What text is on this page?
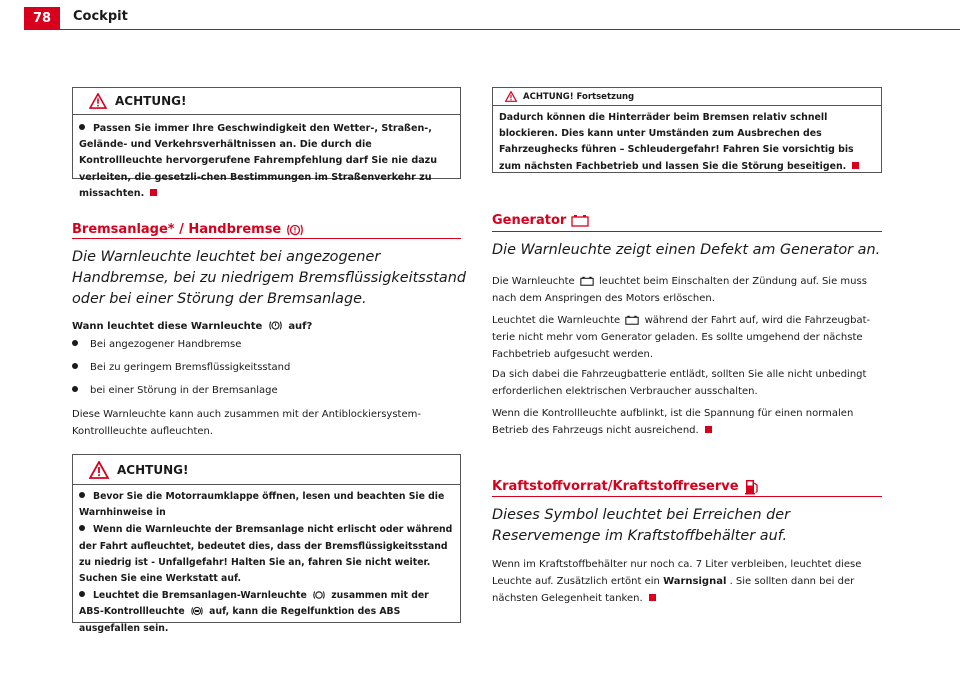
78	Cockpit
ACHTUNG!

Passen Sie immer Ihre Geschwindigkeit den Wetter-, Straßen-, Gelände- und Verkehrsverhältnissen an. Die durch die Kontrollleuchte hervorgerufene Fahrempfehlung darf Sie nie dazu verleiten, die gesetzli-chen Bestimmungen im Straßenverkehr zu missachten.

Bremsanlage* / Handbremse
Die Warnleuchte leuchtet bei angezogener Handbremse, bei zu niedrigem Bremsflüssigkeitsstand oder bei einer Störung der Bremsanlage.
Wann leuchtet diese Warnleuchte	auf?
Bei angezogener Handbremse
Bei zu geringem Bremsflüssigkeitsstand
bei einer Störung in der Bremsanlage
Diese Warnleuchte kann auch zusammen mit der Antiblockiersystem-Kontrollleuchte aufleuchten.
ACHTUNG!

Bevor Sie die Motorraumklappe öffnen, lesen und beachten Sie die Warnhinweise in

Wenn die Warnleuchte der Bremsanlage nicht erlischt oder während der Fahrt aufleuchtet, bedeutet dies, dass der Bremsflüssigkeitsstand zu niedrig ist - Unfallgefahr! Halten Sie an, fahren Sie nicht weiter. Suchen Sie eine Werkstatt auf.

Leuchtet die Bremsanlagen-Warnleuchte	zusammen mit der ABS-Kontrollleuchte	auf, kann die Regelfunktion des ABS ausgefallen sein.

ACHTUNG! Fortsetzung

Dadurch können die Hinterräder beim Bremsen relativ schnell blockieren. Dies kann unter Umständen zum Ausbrechen des Fahrzeughecks führen – Schleudergefahr! Fahren Sie vorsichtig bis zum nächsten Fachbetrieb und lassen Sie die Störung beseitigen.

Generator
Die Warnleuchte zeigt einen Defekt am Generator an.
Die Warnleuchte leuchtet beim Einschalten der Zündung auf. Sie muss nach dem Anspringen des Motors erlöschen.
Leuchtet die Warnleuchte während der Fahrt auf, wird die Fahrzeugbat-terie nicht mehr vom Generator geladen. Es sollte umgehend der nächste Fachbetrieb aufgesucht werden.
Da sich dabei die Fahrzeugbatterie entlädt, sollten Sie alle nicht unbedingt erforderlichen elektrischen Verbraucher ausschalten.
Wenn die Kontrollleuchte aufblinkt, ist die Spannung für einen normalen Betrieb des Fahrzeugs nicht ausreichend.
Kraftstoffvorrat/Kraftstoffreserve
Dieses Symbol leuchtet bei Erreichen der Reservemenge im Kraftstoffbehälter auf.
Wenn im Kraftstoffbehälter nur noch ca. 7 Liter verbleiben, leuchtet diese Leuchte auf. Zusätzlich ertönt ein Warnsignal . Sie sollten dann bei der nächsten Gelegenheit tanken.
